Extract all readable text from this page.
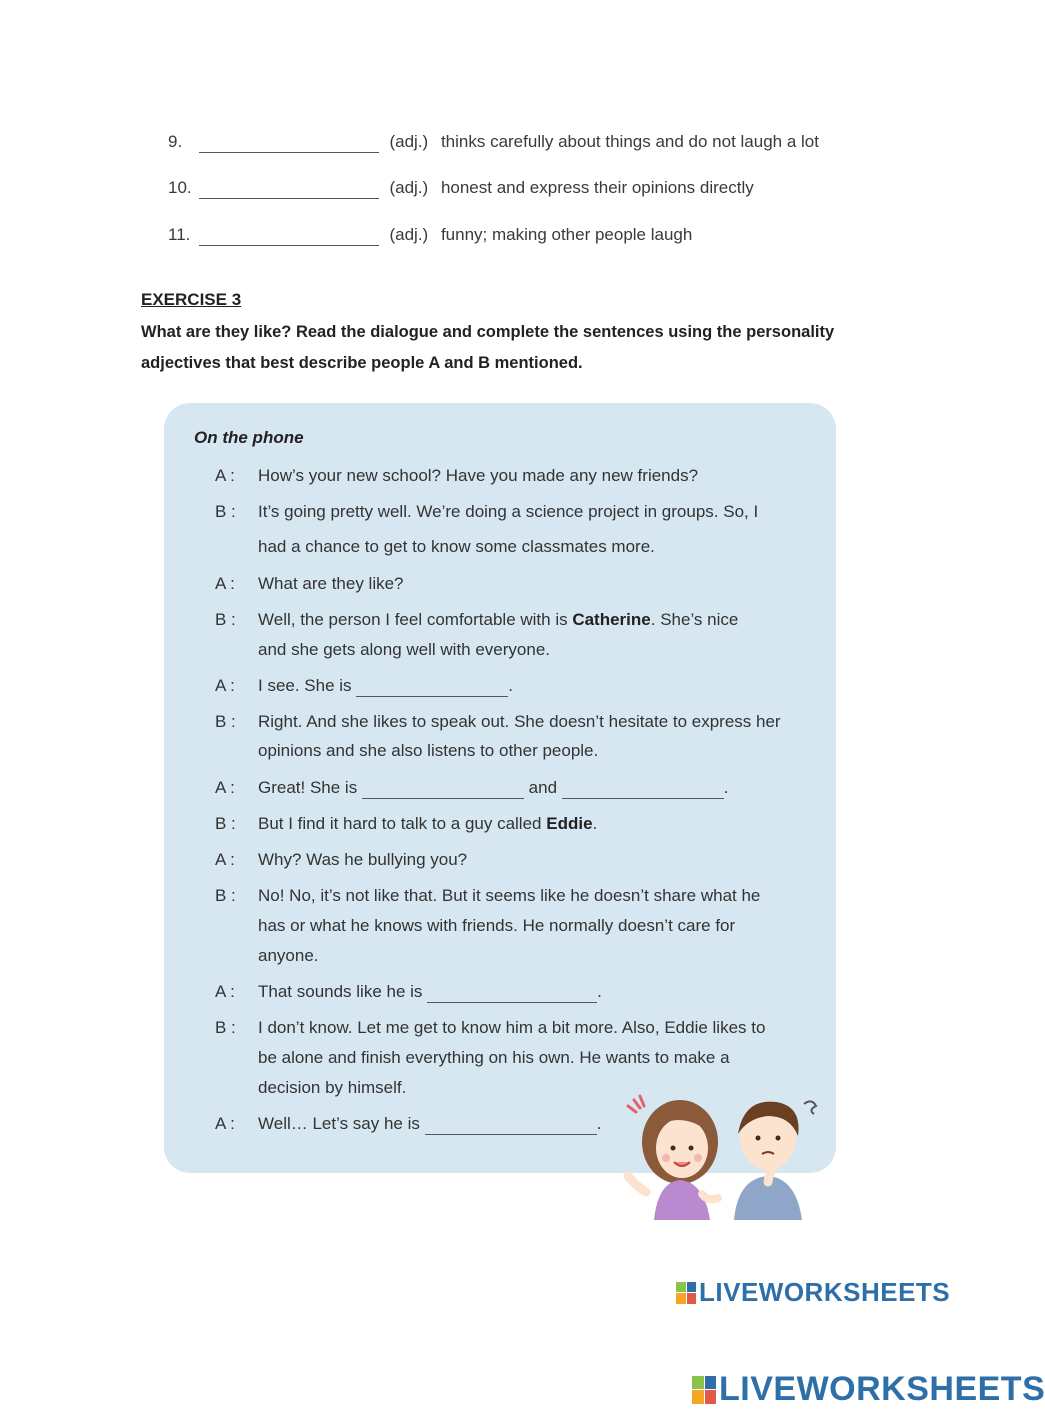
9.	(adj.) thinks carefully about things and do not laugh a lot
10.	(adj.) honest and express their opinions directly
11.	(adj.) funny; making other people laugh
EXERCISE 3
What are they like? Read the dialogue and complete the sentences using the personality
adjectives that best describe people A and B mentioned.
On the phone
A : How’s your new school? Have you made any new friends?
B : It’s going pretty well. We’re doing a science project in groups. So, I
had a chance to get to know some classmates more.
A : What are they like?
B : Well, the person I feel comfortable with is Catherine. She’s nice
and she gets along well with everyone.
A : I see. She is	.
B : Right. And she likes to speak out. She doesn’t hesitate to express her
opinions and she also listens to other people.
A : Great! She is	and	.
B : But I find it hard to talk to a guy called Eddie.
A : Why? Was he bullying you?
B : No! No, it’s not like that. But it seems like he doesn’t share what he
has or what he knows with friends. He normally doesn’t care for
anyone.
A : That sounds like he is	.
B : I don’t know. Let me get to know him a bit more. Also, Eddie likes to
be alone and finish everything on his own. He wants to make a
decision by himself.
A : Well… Let’s say he is	.
LIVEWORKSHEETS
LIVEWORKSHEETS
